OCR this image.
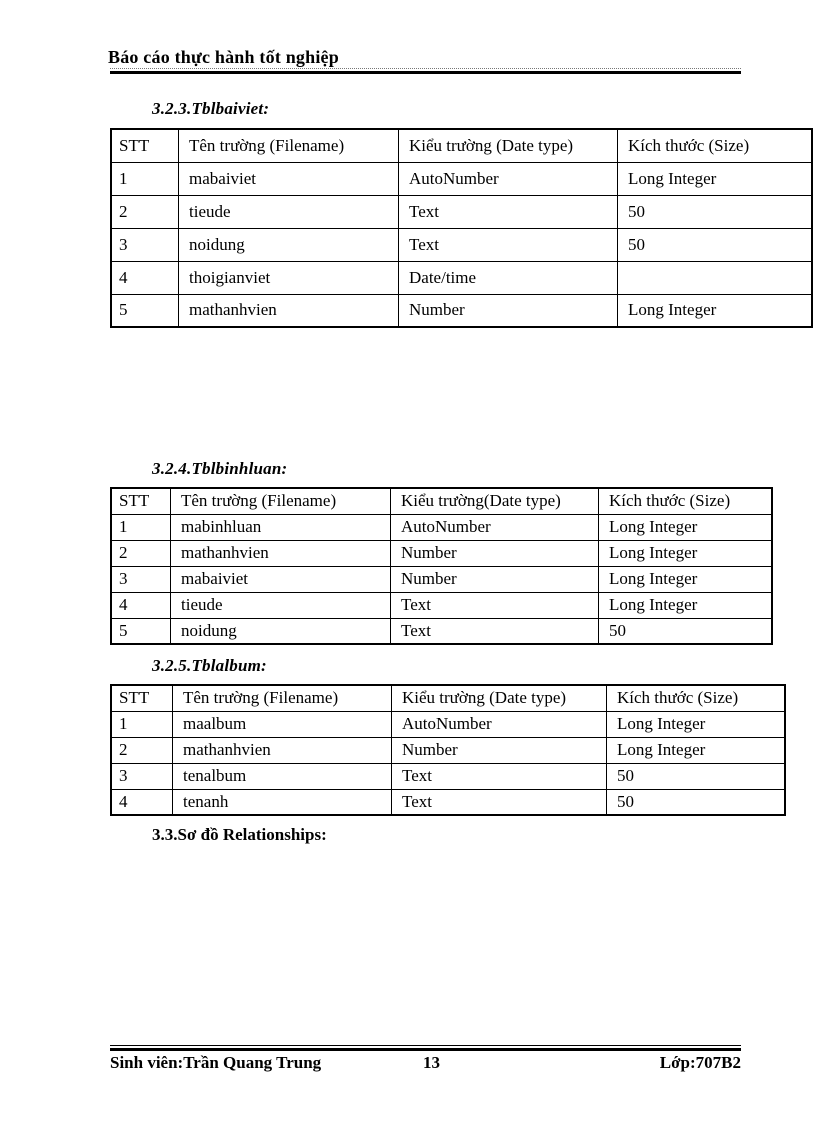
Báo cáo thực hành tốt nghiệp
3.2.3.Tblbaiviet:
STT	Tên trường (Filename)	Kiểu trường (Date type)	Kích thước (Size)
1	mabaiviet	AutoNumber	Long Integer
2	tieude	Text	50
3	noidung	Text	50
4	thoigianviet	Date/time	
5	mathanhvien	Number	Long Integer
3.2.4.Tblbinhluan:
STT	Tên trường (Filename)	Kiểu trường(Date type)	Kích thước (Size)
1	mabinhluan	AutoNumber	Long Integer
2	mathanhvien	Number	Long Integer
3	mabaiviet	Number	Long Integer
4	tieude	Text	Long Integer
5	noidung	Text	50
3.2.5.Tblalbum:
STT	Tên trường (Filename)	Kiểu trường (Date type)	Kích thước (Size)
1	maalbum	AutoNumber	Long Integer
2	mathanhvien	Number	Long Integer
3	tenalbum	Text	50
4	tenanh	Text	50
3.3.Sơ đồ Relationships:
Sinh viên:Trần Quang Trung	13	Lớp:707B2
